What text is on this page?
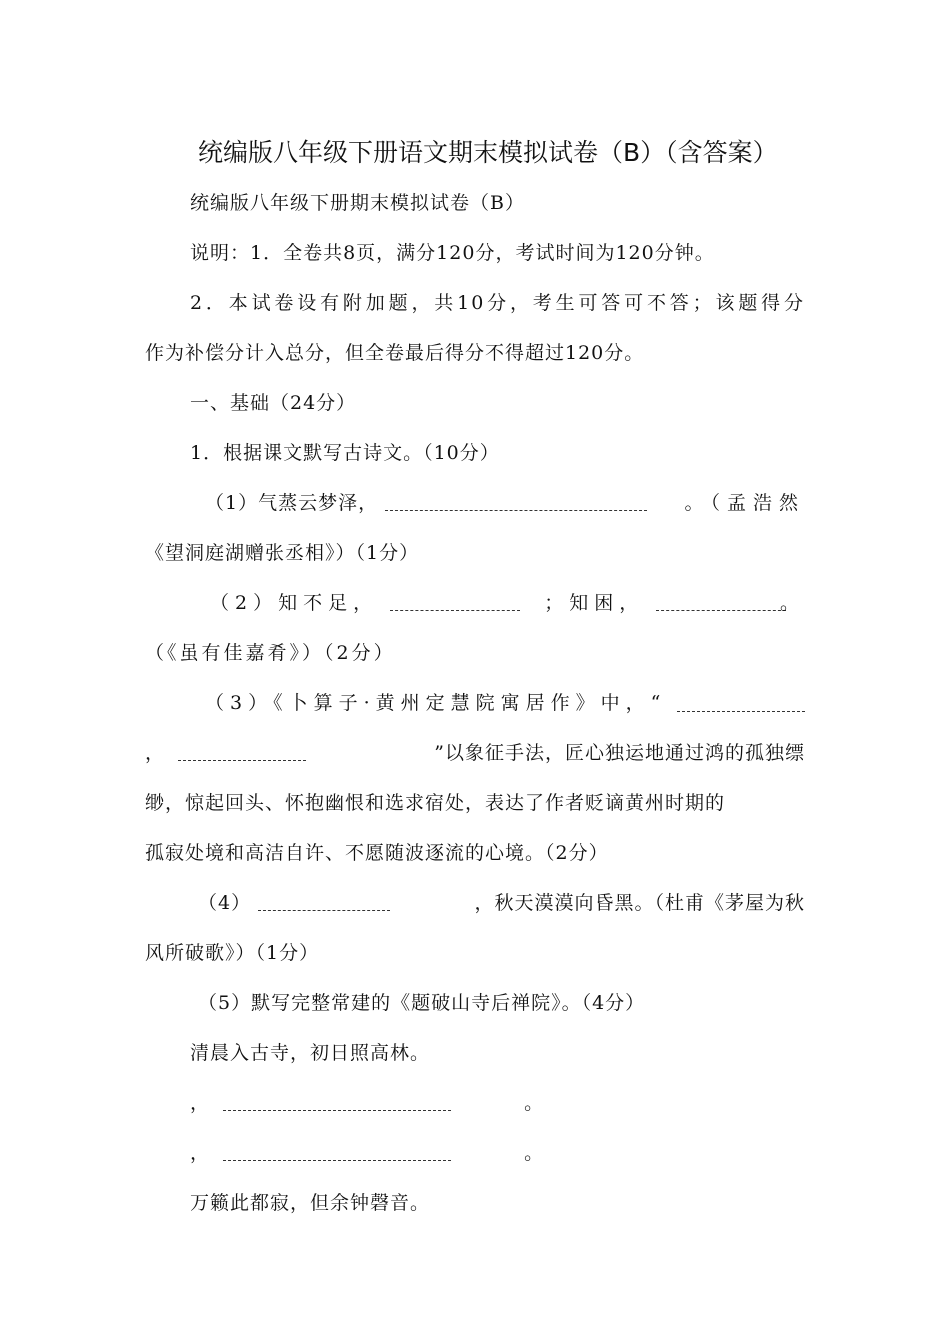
统编版八年级下册语文期末模拟试卷（B）（含答案）
统编版八年级下册期末模拟试卷（B）
说明：1．全卷共8页，满分120分，考试时间为120分钟。
2．本试卷设有附加题，共10分，考生可答可不答；该题得分
作为补偿分计入总分，但全卷最后得分不得超过120分。
一、基础（24分）
1．根据课文默写古诗文。（10分）
（1）气蒸云梦泽，	。（孟浩然
《望洞庭湖赠张丞相》）（1分）
（2）知不足，	；知困，	。
（《虽有佳嘉肴》）（2分）
（3）《卜算子·黄州定慧院寓居作》中，“
，	”以象征手法，匠心独运地通过鸿的孤独缥
缈，惊起回头、怀抱幽恨和选求宿处，表达了作者贬谪黄州时期的
孤寂处境和高洁自许、不愿随波逐流的心境。（2分）
（4）	，秋天漠漠向昏黑。（杜甫《茅屋为秋
风所破歌》）（1分）
（5）默写完整常建的《题破山寺后禅院》。（4分）
清晨入古寺，初日照高林。
，	。
，	。
万籁此都寂，但余钟磬音。
